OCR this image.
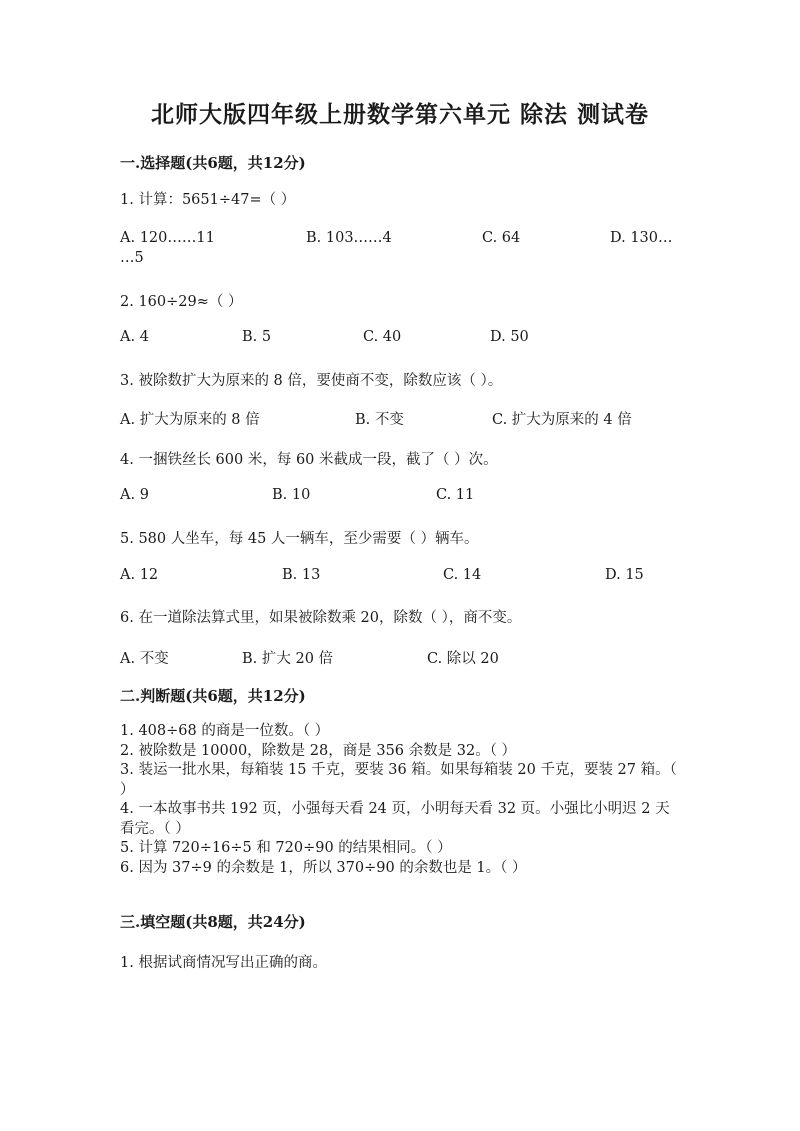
北师大版四年级上册数学第六单元 除法 测试卷
一.选择题(共6题，共12分)
1. 计算：5651÷47=（ ）
A. 120……11	B. 103……4	C. 64	D. 130…
…5
2. 160÷29≈（ ）
A. 4	B. 5	C. 40	D. 50
3. 被除数扩大为原来的 8 倍，要使商不变，除数应该（ ）。
A. 扩大为原来的 8 倍	B. 不变	C. 扩大为原来的 4 倍
4. 一捆铁丝长 600 米，每 60 米截成一段，截了（ ）次。
A. 9	B. 10	C. 11
5. 580 人坐车，每 45 人一辆车，至少需要（ ）辆车。
A. 12	B. 13	C. 14	D. 15
6. 在一道除法算式里，如果被除数乘 20，除数（ ），商不变。
A. 不变	B. 扩大 20 倍	C. 除以 20
二.判断题(共6题，共12分)
1. 408÷68 的商是一位数。（ ）
2. 被除数是 10000，除数是 28，商是 356 余数是 32。（ ）
3. 装运一批水果，每箱装 15 千克，要装 36 箱。如果每箱装 20 千克，要装 27 箱。（ ）
4. 一本故事书共 192 页，小强每天看 24 页，小明每天看 32 页。小强比小明迟 2 天看完。（ ）
5. 计算 720÷16÷5 和 720÷90 的结果相同。（ ）
6. 因为 37÷9 的余数是 1，所以 370÷90 的余数也是 1。（ ）
三.填空题(共8题，共24分)
1. 根据试商情况写出正确的商。
